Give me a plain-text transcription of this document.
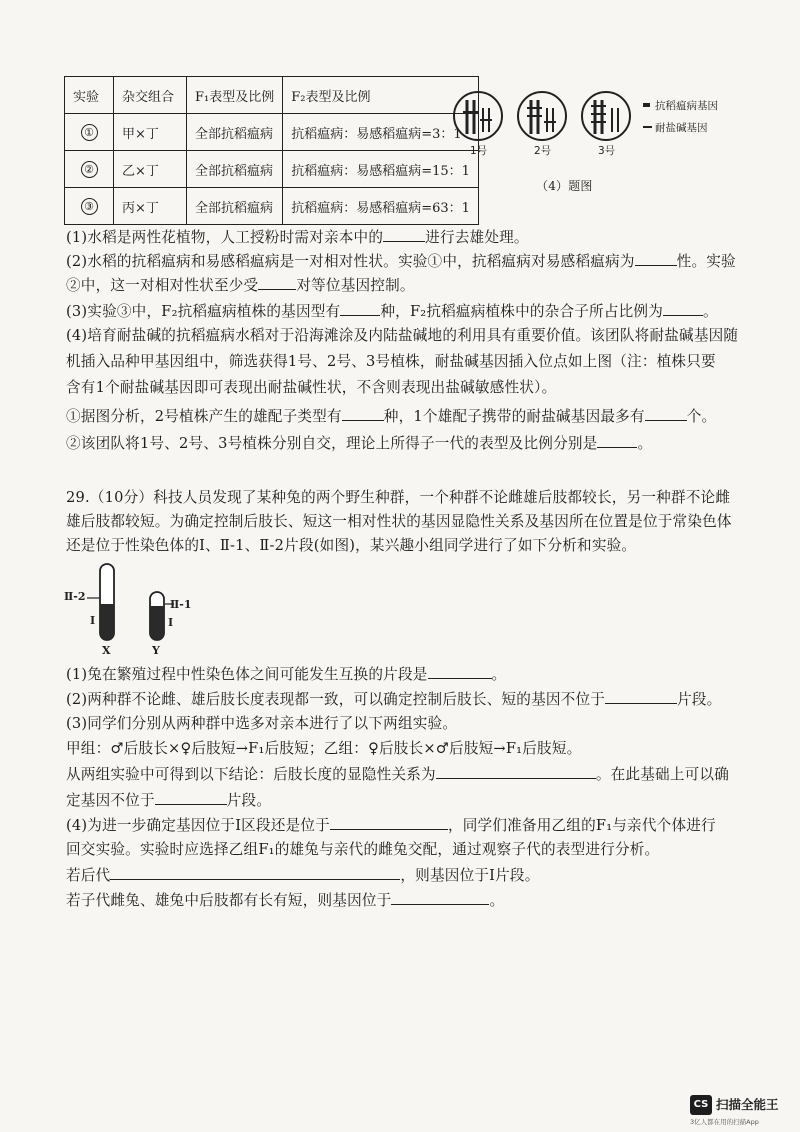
实验	杂交组合	F₁表型及比例	F₂表型及比例
①	甲×丁	全部抗稻瘟病	抗稻瘟病：易感稻瘟病=3：1
②	乙×丁	全部抗稻瘟病	抗稻瘟病：易感稻瘟病=15：1
③	丙×丁	全部抗稻瘟病	抗稻瘟病：易感稻瘟病=63：1
抗稻瘟病基因
耐盐碱基因
1号	2号	3号
（4）题图
(1)水稻是两性花植物，人工授粉时需对亲本中的	进行去雄处理。
(2)水稻的抗稻瘟病和易感稻瘟病是一对相对性状。实验①中，抗稻瘟病对易感稻瘟病为	性。实验
②中，这一对相对性状至少受	对等位基因控制。
(3)实验③中，F₂抗稻瘟病植株的基因型有	种，F₂抗稻瘟病植株中的杂合子所占比例为	。
(4)培育耐盐碱的抗稻瘟病水稻对于沿海滩涂及内陆盐碱地的利用具有重要价值。该团队将耐盐碱基因随
机插入品种甲基因组中，筛选获得1号、2号、3号植株，耐盐碱基因插入位点如上图（注：植株只要
含有1个耐盐碱基因即可表现出耐盐碱性状，不含则表现出盐碱敏感性状）。
①据图分析，2号植株产生的雄配子类型有	种，1个雄配子携带的耐盐碱基因最多有	个。
②该团队将1号、2号、3号植株分别自交，理论上所得子一代的表型及比例分别是	。
29.（10分）科技人员发现了某种兔的两个野生种群，一个种群不论雌雄后肢都较长，另一种群不论雌
雄后肢都较短。为确定控制后肢长、短这一相对性状的基因显隐性关系及基因所在位置是位于常染色体
还是位于性染色体的Ⅰ、Ⅱ-1、Ⅱ-2片段(如图)，某兴趣小组同学进行了如下分析和实验。
Ⅱ-2
Ⅰ
X
Ⅱ-1
Ⅰ
Y
(1)兔在繁殖过程中性染色体之间可能发生互换的片段是	。
(2)两种群不论雌、雄后肢长度表现都一致，可以确定控制后肢长、短的基因不位于	片段。
(3)同学们分别从两种群中选多对亲本进行了以下两组实验。
甲组：♂后肢长×♀后肢短→F₁后肢短；乙组：♀后肢长×♂后肢短→F₁后肢短。
从两组实验中可得到以下结论：后肢长度的显隐性关系为	。在此基础上可以确
定基因不位于	片段。
(4)为进一步确定基因位于Ⅰ区段还是位于	，同学们准备用乙组的F₁与亲代个体进行
回交实验。实验时应选择乙组F₁的雄兔与亲代的雌兔交配，通过观察子代的表型进行分析。
若后代	，则基因位于Ⅰ片段。
若子代雌兔、雄兔中后肢都有长有短，则基因位于	。
CS 扫描全能王
3亿人都在用的扫描App
